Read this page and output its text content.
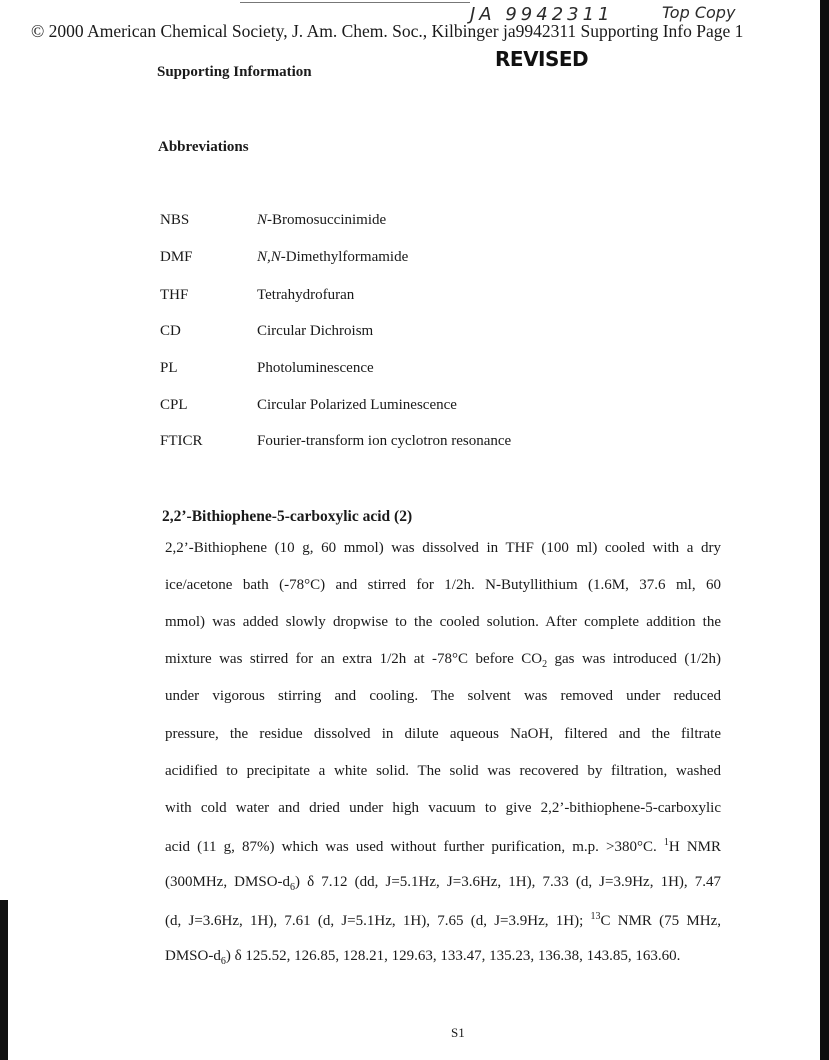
© 2000 American Chemical Society, J. Am. Chem. Soc., Kilbinger ja9942311 Supporting Info Page 1
JA 9942311	Top Copy
REVISED
Supporting Information
Abbreviations
NBS	N-Bromosuccinimide
DMF	N,N-Dimethylformamide
THF	Tetrahydrofuran
CD	Circular Dichroism
PL	Photoluminescence
CPL	Circular Polarized Luminescence
FTICR	Fourier-transform ion cyclotron resonance
2,2’-Bithiophene-5-carboxylic acid (2)
2,2’-Bithiophene (10 g, 60 mmol) was dissolved in THF (100 ml) cooled with a dry
ice/acetone bath (-78°C) and stirred for 1/2h. N-Butyllithium (1.6M, 37.6 ml, 60
mmol) was added slowly dropwise to the cooled solution. After complete addition the
mixture was stirred for an extra 1/2h at -78°C before $CO_2$ gas was introduced (1/2h)
under vigorous stirring and cooling. The solvent was removed under reduced
pressure, the residue dissolved in dilute aqueous NaOH, filtered and the filtrate
acidified to precipitate a white solid. The solid was recovered by filtration, washed
with cold water and dried under high vacuum to give 2,2’-bithiophene-5-carboxylic
acid (11 g, 87%) which was used without further purification, m.p. >380°C. $^1$H NMR
(300MHz, DMSO-$d_6$) δ 7.12 (dd, J=5.1Hz, J=3.6Hz, 1H), 7.33 (d, J=3.9Hz, 1H), 7.47
(d, J=3.6Hz, 1H), 7.61 (d, J=5.1Hz, 1H), 7.65 (d, J=3.9Hz, 1H); $^{13}$C NMR (75 MHz,
DMSO-$d_6$) δ 125.52, 126.85, 128.21, 129.63, 133.47, 135.23, 136.38, 143.85, 163.60.
S1
